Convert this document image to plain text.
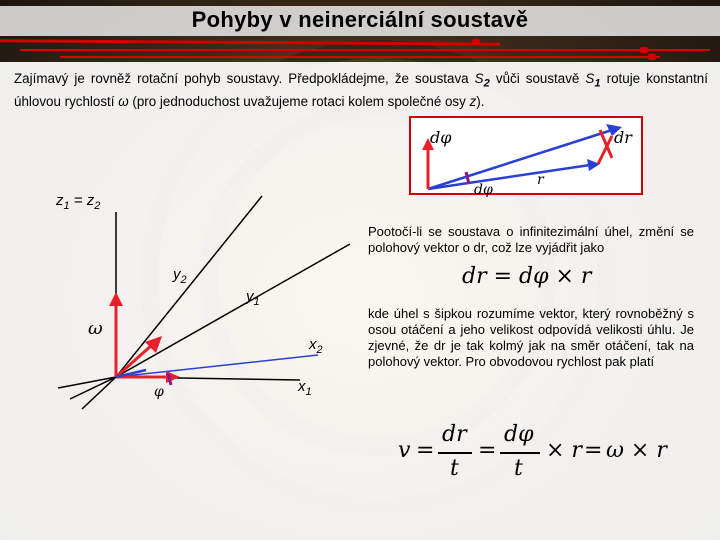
Pohyby v neinerciální soustavě
Zajímavý je rovněž rotační pohyb soustavy. Předpokládejme, že soustava $S_2$ vůči soustavě $S_1$ rotuje konstantní úhlovou rychlostí ω (pro jednoduchost uvažujeme rotaci kolem společné osy z).
$z_1 = z_2$
$y_2$
$y_1$
$x_2$
$x_1$
ω
φ
dφ	dr
r
dφ
Pootočí-li se soustava o infinitezimální úhel, změní se polohový vektor o dr, což lze vyjádřit jako
dr = dφ × r
kde úhel s šipkou rozumíme vektor, který rovnoběžný s osou otáčení a jeho velikost odpovídá velikosti úhlu. Je zjevné, že dr je tak kolmý jak na směr otáčení, tak na polohový vektor. Pro obvodovou rychlost pak platí
v =
dr
t
=
dφ
t
× r = ω × r
